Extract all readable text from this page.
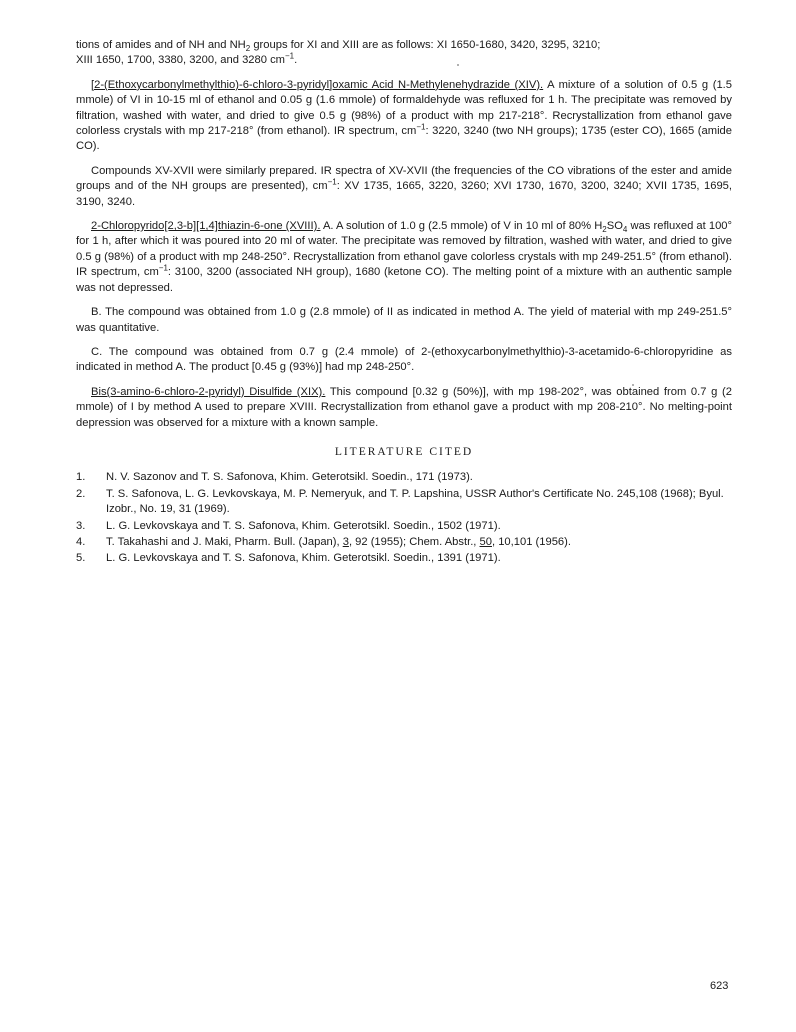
tions of amides and of NH and $NH_2$ groups for XI and XIII are as follows: XI 1650-1680, 3420, 3295, 3210;
XIII 1650, 1700, 3380, 3200, and 3280 $cm^{-1}$.

[2-(Ethoxycarbonylmethylthio)-6-chloro-3-pyridyl]oxamic Acid N-Methylenehydrazide (XIV). A mixture of a solution of 0.5 g (1.5 mmole) of VI in 10-15 ml of ethanol and 0.05 g (1.6 mmole) of formaldehyde was refluxed for 1 h. The precipitate was removed by filtration, washed with water, and dried to give 0.5 g (98%) of a product with mp 217-218°. Recrystallization from ethanol gave colorless crystals with mp 217-218° (from ethanol). IR spectrum, $cm^{-1}$: 3220, 3240 (two NH groups); 1735 (ester CO), 1665 (amide CO).

Compounds XV-XVII were similarly prepared. IR spectra of XV-XVII (the frequencies of the CO vibrations of the ester and amide groups and of the NH groups are presented), $cm^{-1}$: XV 1735, 1665, 3220, 3260; XVI 1730, 1670, 3200, 3240; XVII 1735, 1695, 3190, 3240.

2-Chloropyrido[2,3-b][1,4]thiazin-6-one (XVIII). A. A solution of 1.0 g (2.5 mmole) of V in 10 ml of 80% $H_2SO_4$ was refluxed at 100° for 1 h, after which it was poured into 20 ml of water. The precipitate was removed by filtration, washed with water, and dried to give 0.5 g (98%) of a product with mp 248-250°. Recrystallization from ethanol gave colorless crystals with mp 249-251.5° (from ethanol). IR spectrum, $cm^{-1}$: 3100, 3200 (associated NH group), 1680 (ketone CO). The melting point of a mixture with an authentic sample was not depressed.

B. The compound was obtained from 1.0 g (2.8 mmole) of II as indicated in method A. The yield of material with mp 249-251.5° was quantitative.

C. The compound was obtained from 0.7 g (2.4 mmole) of 2-(ethoxycarbonylmethylthio)-3-acetamido-6-chloropyridine as indicated in method A. The product [0.45 g (93%)] had mp 248-250°.

Bis(3-amino-6-chloro-2-pyridyl) Disulfide (XIX). This compound [0.32 g (50%)], with mp 198-202°, was obtained from 0.7 g (2 mmole) of I by method A used to prepare XVIII. Recrystallization from ethanol gave a product with mp 208-210°. No melting-point depression was observed for a mixture with a known sample.

LITERATURE CITED
1. N. V. Sazonov and T. S. Safonova, Khim. Geterotsikl. Soedin., 171 (1973).
2. T. S. Safonova, L. G. Levkovskaya, M. P. Nemeryuk, and T. P. Lapshina, USSR Author's Certificate No. 245,108 (1968); Byul. Izobr., No. 19, 31 (1969).
3. L. G. Levkovskaya and T. S. Safonova, Khim. Geterotsikl. Soedin., 1502 (1971).
4. T. Takahashi and J. Maki, Pharm. Bull. (Japan), 3, 92 (1955); Chem. Abstr., 50, 10,101 (1956).
5. L. G. Levkovskaya and T. S. Safonova, Khim. Geterotsikl. Soedin., 1391 (1971).
623
